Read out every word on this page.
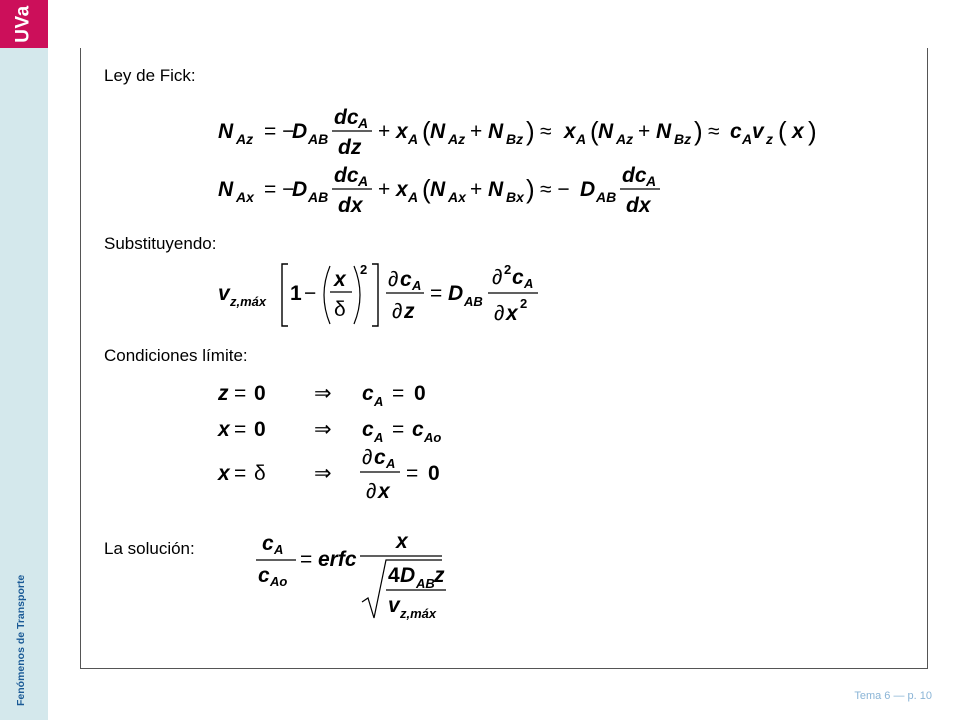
UVa
Fenómenos de Transporte
Ley de Fick:
Substituyendo:
Condiciones límite:
La solución:
N Az = −
D AB
dc A
dz
+ x A ( N Az + N Bz ) ≈ x A ( N Az + N Bz ) ≈ c A v z ( x )
N Ax = −
D AB
dc A
dx
+ x A ( N Ax + N Bx ) ≈ − D AB
dc A
dx
v z,máx 1 −
x
δ
2 ∂ c A
∂ z
= D AB
∂ 2 c A
∂ x 2
z = 0 ⇒ c A = 0
x = 0 ⇒ c A = c Ao
x = δ ⇒
∂ c A
∂ x
= 0
c A
c Ao
= erfc
x
4 D AB z
v z,máx
Tema 6 — p. 10
